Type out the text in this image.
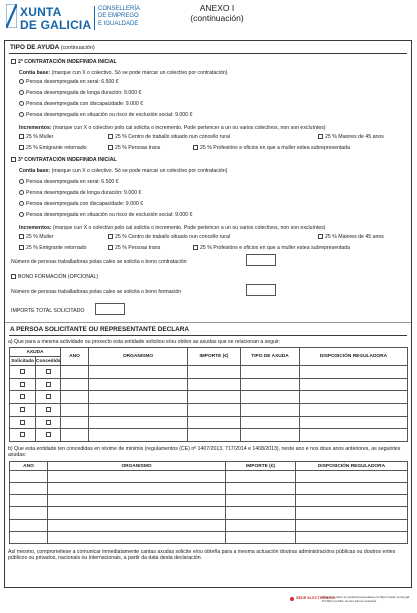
XUNTA
DE GALICIA
CONSELLERÍA
DE EMPREGO
E IGUALDADE
ANEXO I
(continuación)
TIPO DE AYUDA (continuación)
2ª CONTRATACIÓN INDEFINIDA INICIAL
Contía base: (marque cun X o colectivo. Só se pode marcar un colectivo por contratación)
Persoa desempregada en xeral: 6.500 €
Persoa desempregada de longa duración: 9.000 €
Persoa desempregada con discapacidade: 9.000 €
Persoa desempregada en situación ou risco de exclusión social: 9.000 €
Incrementos: (marque cun X o colectivo polo cal solicita o incremento. Pode pertencer a un ou varios colectivos, non son excluíntes)
25 % Muller	25 % Centro de traballo situado nun concello rural	25 % Maiores de 45 anos
25 % Emigrante retornado	25 % Persoas trans	25 % Profesións e oficios en que a muller estea subrepresentada
3ª CONTRATACIÓN INDEFINIDA INICIAL
Contía base: (marque cun X o colectivo. Só se pode marcar un colectivo por contratación)
Persoa desempregada en xeral: 6.500 €
Persoa desempregada de longa duración: 9.000 €
Persoa desempregada con discapacidade: 9.000 €
Persoa desempregada en situación ou risco de exclusión social: 9.000 €
Incrementos: (marque cun X o colectivo polo cal solicita o incremento. Pode pertencer a un ou varios colectivos, non son excluíntes)
25 % Muller	25 % Centro de traballo situado nun concello rural	25 % Maiores de 45 anos
25 % Emigrante retornado	25 % Persoas trans	25 % Profesións e oficios en que a muller estea subrepresentada
Número de persoas traballadoras polas cales se solicita o bono contratación
BONO FORMACIÓN (OPCIONAL)
Número de persoas traballadoras polas cales se solicita o bono formación
IMPORTE TOTAL SOLICITADO
A PERSOA SOLICITANTE OU REPRESENTANTE DECLARA
a) Que para a mesma actividade ou proxecto esta entidade solicitou e/ou obtivo as axudas que se relacionan a seguir:
AXUDA		ANO	ORGANISMO	IMPORTE (€)	TIPO DE AXUDA	DISPOSICIÓN REGULADORA
Solicitada	Concedida					

b) Que esta entidade ten concedidas en réxime de minimis (regulamentos (CE) nº 1407/2013, 717/2014 e 1408/2013), neste ano e nos dous anos anteriores, as seguintes axudas:
ANO	ORGANISMO	IMPORTE (€)	DISPOSICIÓN REGULADORA

Así mesmo, comprométese a comunicar inmediatamente cantas axudas solicite e/ou obteña para a mesma actuación doutras administracións públicas ou doutros entes públicos ou privados, nacionais ou internacionais, a partir da data desta declaración.
SEDE ELECTRÓNICA
Este formulario só poderá presentarse na https://sede.xunta.gal. Prohibir prohibe na súa forma respetiva.
